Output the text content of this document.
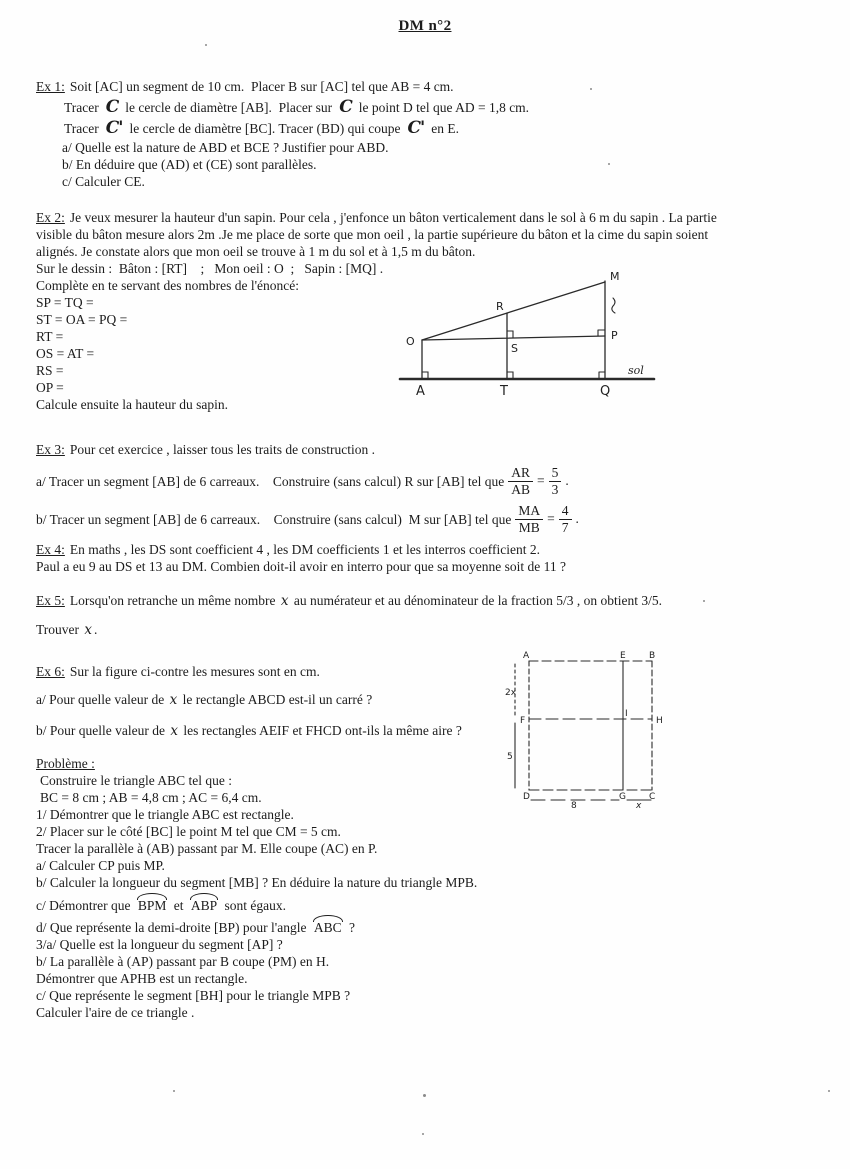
DM n°2
Ex 1: Soit [AC] un segment de 10 cm.  Placer B sur [AC] tel que AB = 4 cm.
Tracer C le cercle de diamètre [AB].  Placer sur C le point D tel que AD = 1,8 cm.
Tracer C' le cercle de diamètre [BC]. Tracer (BD) qui coupe C' en E.
a/ Quelle est la nature de ABD et BCE ? Justifier pour ABD.
b/ En déduire que (AD) et (CE) sont parallèles.
c/ Calculer CE.
Ex 2: Je veux mesurer la hauteur d'un sapin. Pour cela , j'enfonce un bâton verticalement dans le sol à 6 m du sapin . La partie
visible du bâton mesure alors 2m .Je me place de sorte que mon oeil , la partie supérieure du bâton et la cime du sapin soient
alignés. Je constate alors que mon oeil se trouve à 1 m du sol et à 1,5 m du bâton.
Sur le dessin :  Bâton : [RT]    ;   Mon oeil : O  ;   Sapin : [MQ] .
Complète en te servant des nombres de l'énoncé:
SP = TQ =
ST = OA = PQ =
RT =
OS = AT =
RS =
OP =
Calcule ensuite la hauteur du sapin.
O
R
S
M
P
A	T	Q
sol
Ex 3: Pour cet exercice , laisser tous les traits de construction .
a/ Tracer un segment [AB] de 6 carreaux.    Construire (sans calcul) R sur [AB] tel que $\frac{AR}{AB} = \frac{5}{3}$ .
b/ Tracer un segment [AB] de 6 carreaux.    Construire (sans calcul)  M sur [AB] tel que $\frac{MA}{MB} = \frac{4}{7}$ .
Ex 4: En maths , les DS sont coefficient 4 , les DM coefficients 1 et les interros coefficient 2.
Paul a eu 9 au DS et 13 au DM. Combien doit-il avoir en interro pour que sa moyenne soit de 11 ?
Ex 5: Lorsqu'on retranche un même nombre x au numérateur et au dénominateur de la fraction 5/3 , on obtient 3/5.
Trouver x .
Ex 6: Sur la figure ci-contre les mesures sont en cm.
a/ Pour quelle valeur de x le rectangle ABCD est-il un carré ?
b/ Pour quelle valeur de x les rectangles AEIF et FHCD ont-ils la même aire ?
A	E	B
F
I
H
D	G	C
2x
5
8	x
Problème :
Construire le triangle ABC tel que :
BC = 8 cm ; AB = 4,8 cm ; AC = 6,4 cm.
1/ Démontrer que le triangle ABC est rectangle.
2/ Placer sur le côté [BC] le point M tel que CM = 5 cm.
Tracer la parallèle à (AB) passant par M. Elle coupe (AC) en P.
a/ Calculer CP puis MP.
b/ Calculer la longueur du segment [MB] ? En déduire la nature du triangle MPB.
c/ Démontrer que BPM et ABP sont égaux.
d/ Que représente la demi-droite [BP) pour l'angle ABC ?
3/a/ Quelle est la longueur du segment [AP] ?
b/ La parallèle à (AP) passant par B coupe (PM) en H.
Démontrer que APHB est un rectangle.
c/ Que représente le segment [BH] pour le triangle MPB ?
Calculer l'aire de ce triangle .
